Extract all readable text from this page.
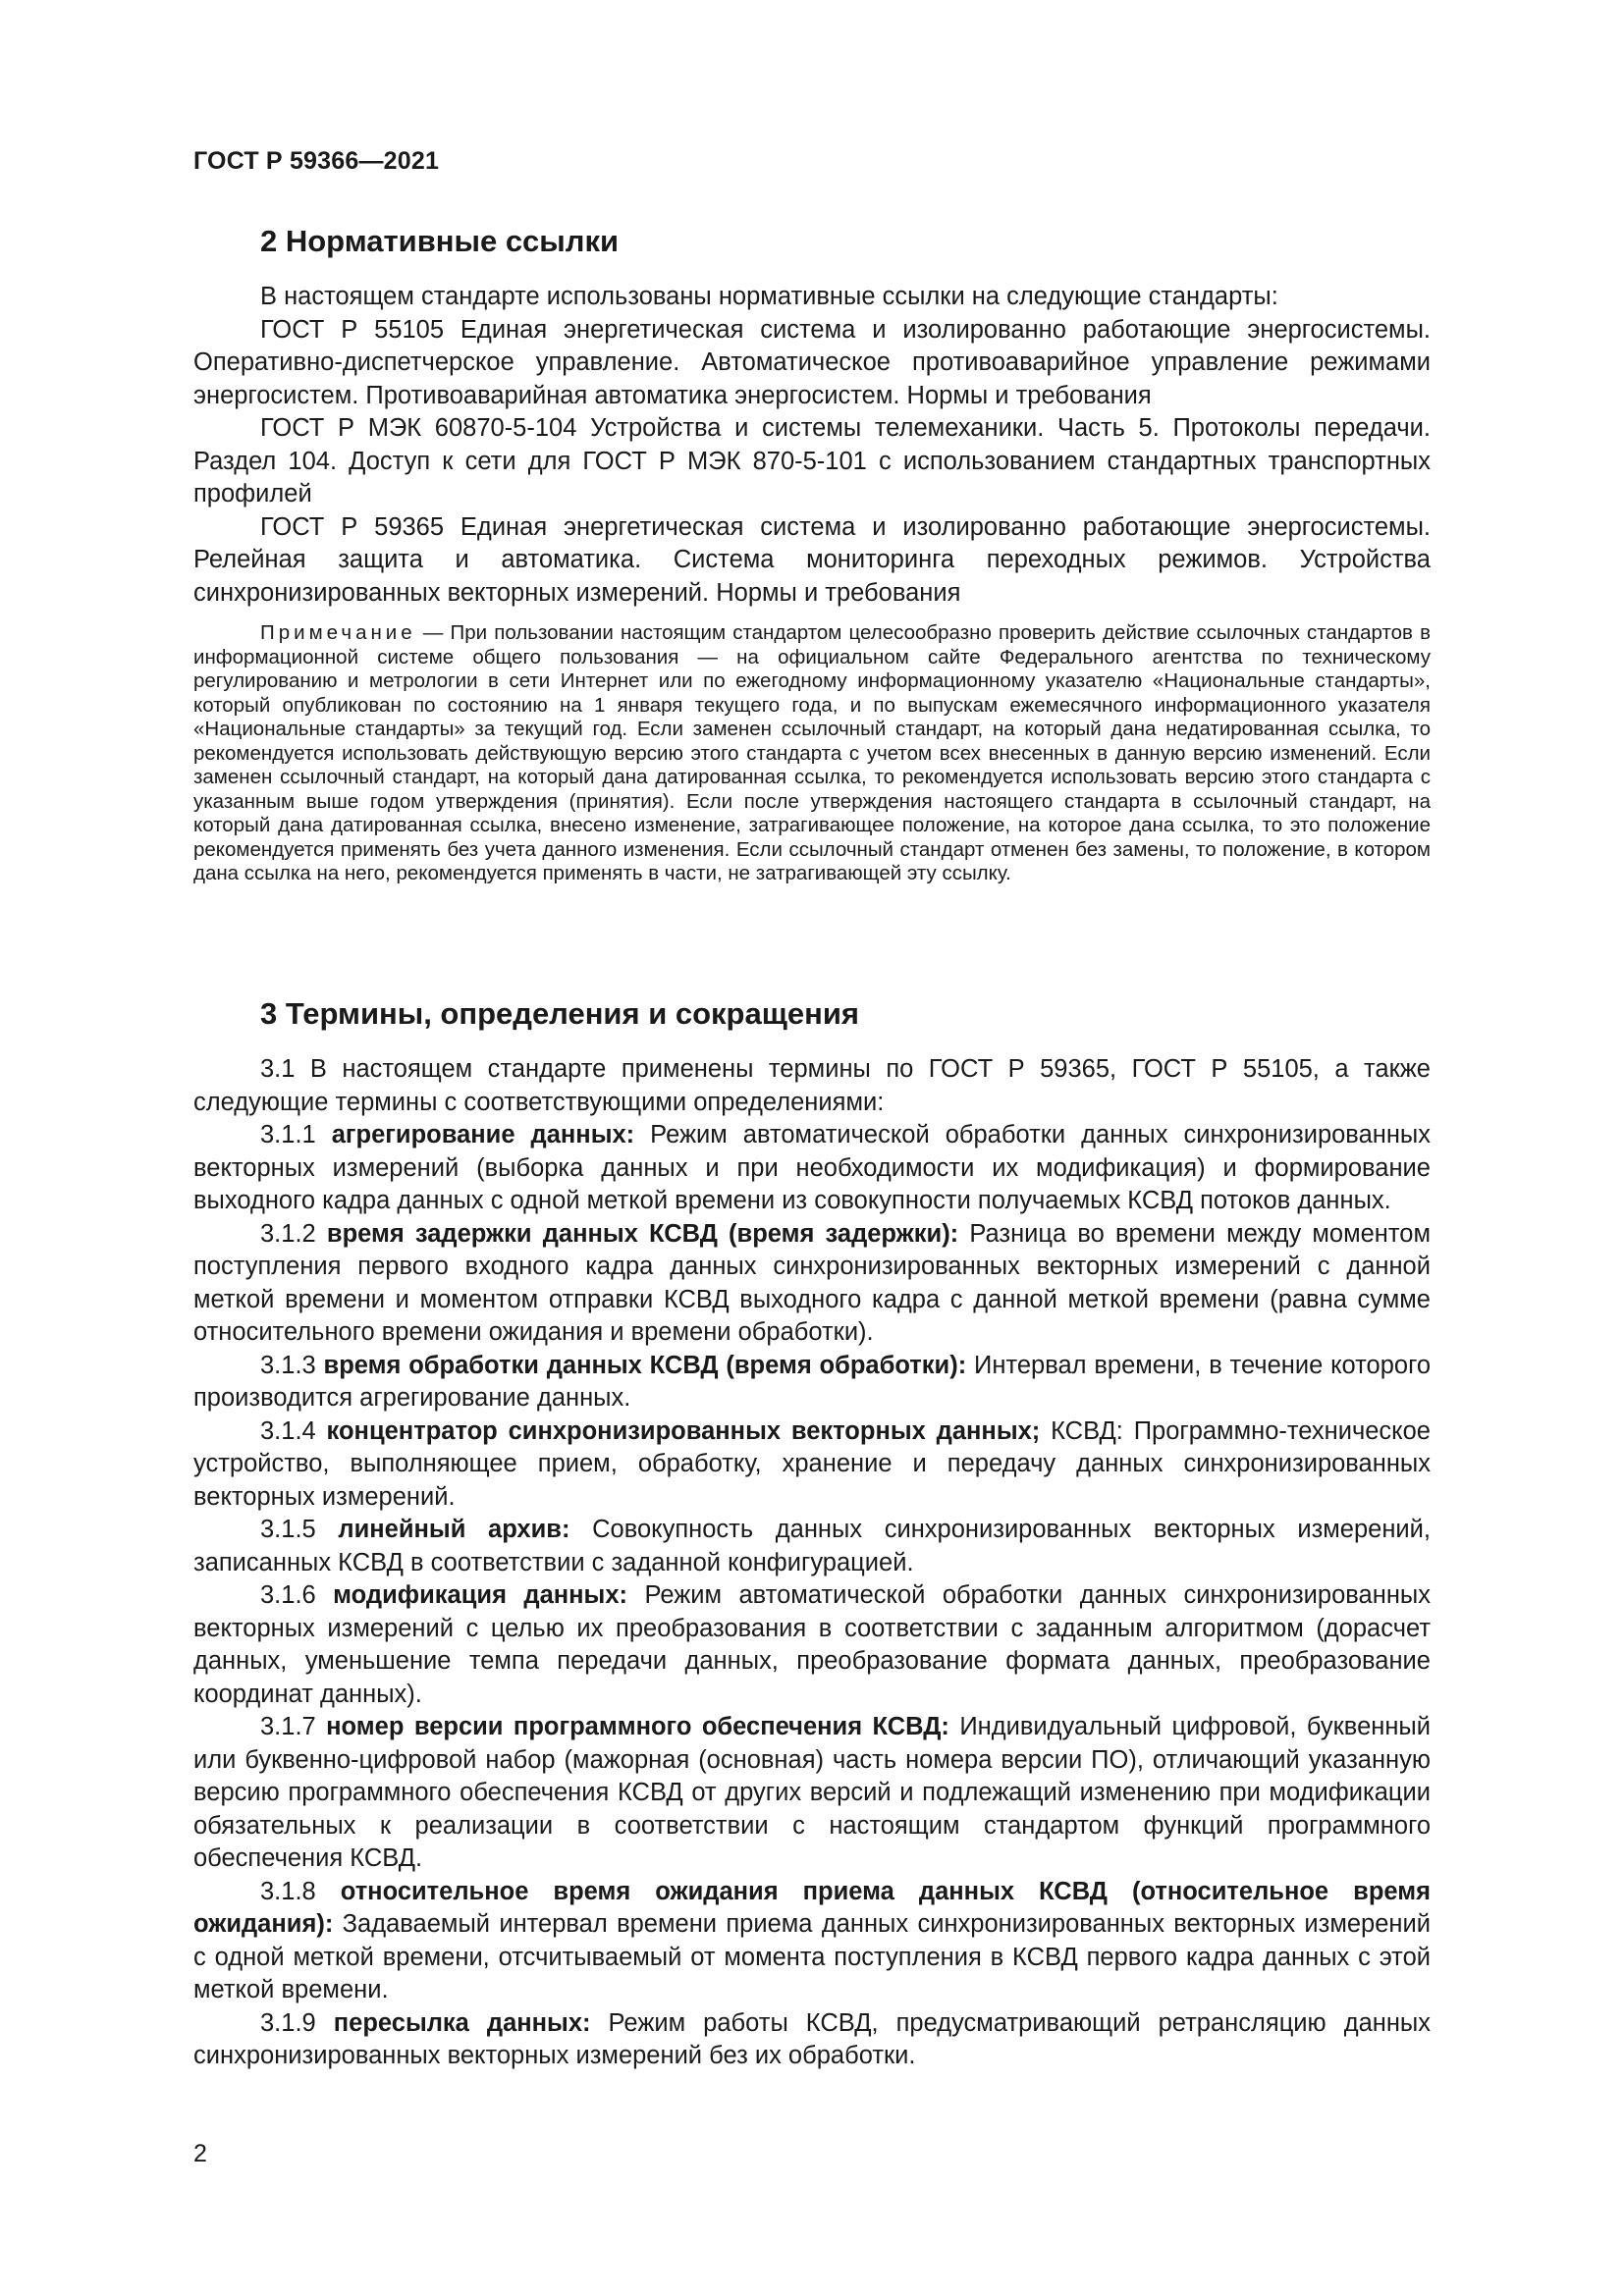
ГОСТ Р 59366—2021
2 Нормативные ссылки

В настоящем стандарте использованы нормативные ссылки на следующие стандарты:

ГОСТ Р 55105 Единая энергетическая система и изолированно работающие энергосистемы. Оперативно-диспетчерское управление. Автоматическое противоаварийное управление режимами энергосистем. Противоаварийная автоматика энергосистем. Нормы и требования

ГОСТ Р МЭК 60870-5-104 Устройства и системы телемеханики. Часть 5. Протоколы передачи. Раздел 104. Доступ к сети для ГОСТ Р МЭК 870-5-101 с использованием стандартных транспортных профилей

ГОСТ Р 59365 Единая энергетическая система и изолированно работающие энергосистемы. Релейная защита и автоматика. Система мониторинга переходных режимов. Устройства синхронизированных векторных измерений. Нормы и требования

Примечание — При пользовании настоящим стандартом целесообразно проверить действие ссылочных стандартов в информационной системе общего пользования — на официальном сайте Федерального агентства по техническому регулированию и метрологии в сети Интернет или по ежегодному информационному указателю «Национальные стандарты», который опубликован по состоянию на 1 января текущего года, и по выпускам ежемесячного информационного указателя «Национальные стандарты» за текущий год. Если заменен ссылочный стандарт, на который дана недатированная ссылка, то рекомендуется использовать действующую версию этого стандарта с учетом всех внесенных в данную версию изменений. Если заменен ссылочный стандарт, на который дана датированная ссылка, то рекомендуется использовать версию этого стандарта с указанным выше годом утверждения (принятия). Если после утверждения настоящего стандарта в ссылочный стандарт, на который дана датированная ссылка, внесено изменение, затрагивающее положение, на которое дана ссылка, то это положение рекомендуется применять без учета данного изменения. Если ссылочный стандарт отменен без замены, то положение, в котором дана ссылка на него, рекомендуется применять в части, не затрагивающей эту ссылку.

3 Термины, определения и сокращения

3.1 В настоящем стандарте применены термины по ГОСТ Р 59365, ГОСТ Р 55105, а также следующие термины с соответствующими определениями:

3.1.1 агрегирование данных: Режим автоматической обработки данных синхронизированных векторных измерений (выборка данных и при необходимости их модификация) и формирование выходного кадра данных с одной меткой времени из совокупности получаемых КСВД потоков данных.

3.1.2 время задержки данных КСВД (время задержки): Разница во времени между моментом поступления первого входного кадра данных синхронизированных векторных измерений с данной меткой времени и моментом отправки КСВД выходного кадра с данной меткой времени (равна сумме относительного времени ожидания и времени обработки).

3.1.3 время обработки данных КСВД (время обработки): Интервал времени, в течение которого производится агрегирование данных.

3.1.4 концентратор синхронизированных векторных данных; КСВД: Программно-техническое устройство, выполняющее прием, обработку, хранение и передачу данных синхронизированных векторных измерений.

3.1.5 линейный архив: Совокупность данных синхронизированных векторных измерений, записанных КСВД в соответствии с заданной конфигурацией.

3.1.6 модификация данных: Режим автоматической обработки данных синхронизированных векторных измерений с целью их преобразования в соответствии с заданным алгоритмом (дорасчет данных, уменьшение темпа передачи данных, преобразование формата данных, преобразование координат данных).

3.1.7 номер версии программного обеспечения КСВД: Индивидуальный цифровой, буквенный или буквенно-цифровой набор (мажорная (основная) часть номера версии ПО), отличающий указанную версию программного обеспечения КСВД от других версий и подлежащий изменению при модификации обязательных к реализации в соответствии с настоящим стандартом функций программного обеспечения КСВД.

3.1.8 относительное время ожидания приема данных КСВД (относительное время ожидания): Задаваемый интервал времени приема данных синхронизированных векторных измерений с одной меткой времени, отсчитываемый от момента поступления в КСВД первого кадра данных с этой меткой времени.

3.1.9 пересылка данных: Режим работы КСВД, предусматривающий ретрансляцию данных синхронизированных векторных измерений без их обработки.

2
